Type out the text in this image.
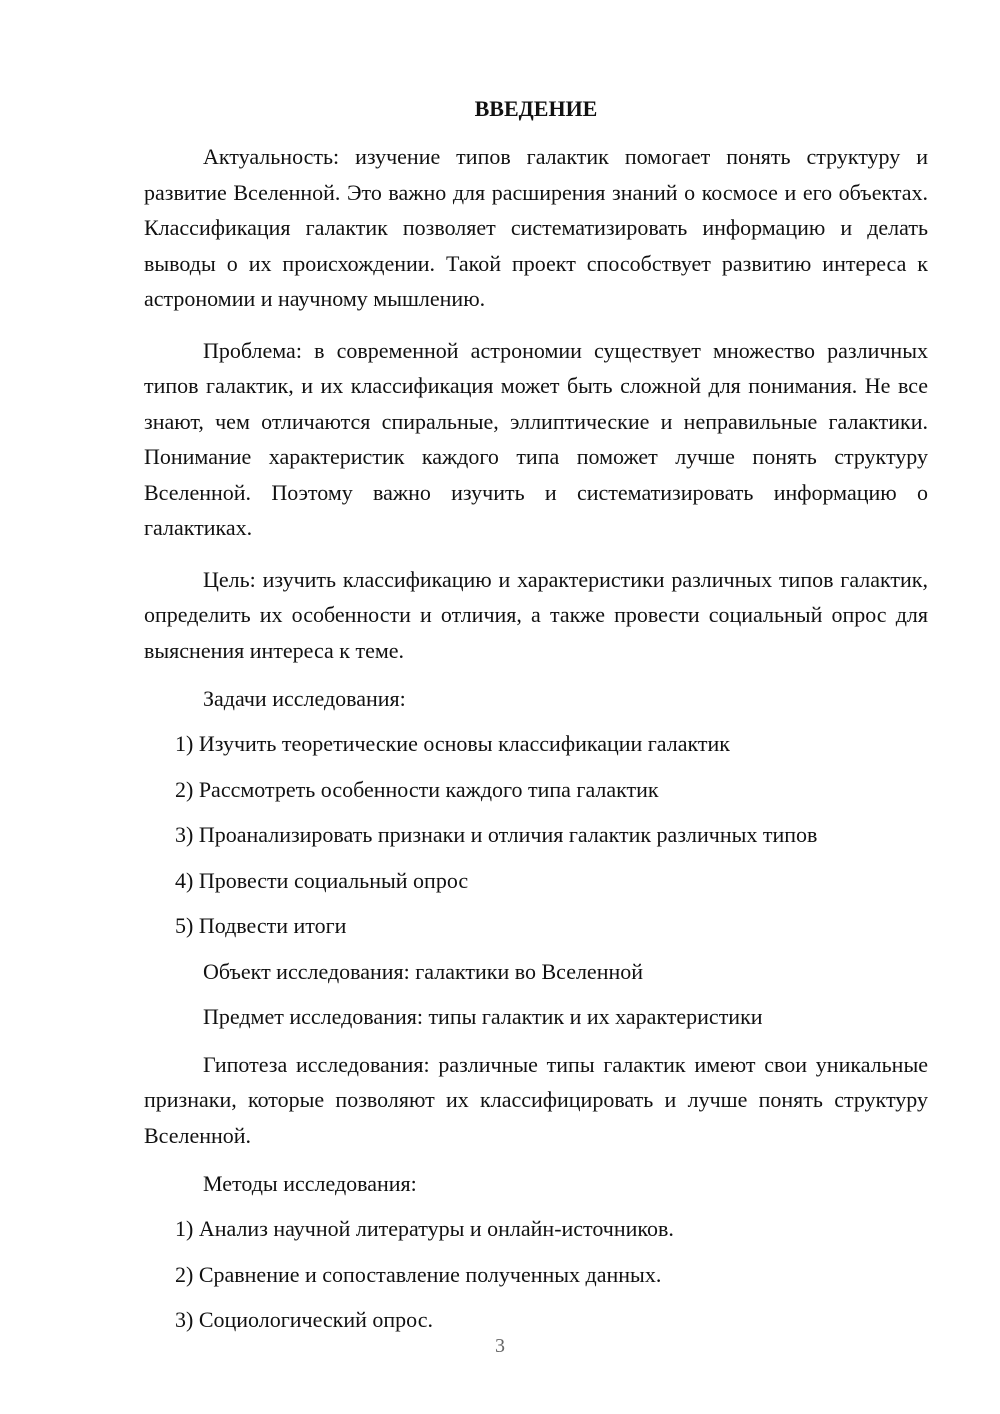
ВВЕДЕНИЕ

Актуальность: изучение типов галактик помогает понять структуру и развитие Вселенной. Это важно для расширения знаний о космосе и его объектах. Классификация галактик позволяет систематизировать информацию и делать выводы о их происхождении. Такой проект способствует развитию интереса к астрономии и научному мышлению.

Проблема: в современной астрономии существует множество различных типов галактик, и их классификация может быть сложной для понимания. Не все знают, чем отличаются спиральные, эллиптические и неправильные галактики. Понимание характеристик каждого типа поможет лучше понять структуру Вселенной. Поэтому важно изучить и систематизировать информацию о галактиках.

Цель: изучить классификацию и характеристики различных типов галактик, определить их особенности и отличия, а также провести социальный опрос для выяснения интереса к теме.

Задачи исследования:

1) Изучить теоретические основы классификации галактик

2) Рассмотреть особенности каждого типа галактик

3) Проанализировать признаки и отличия галактик различных типов

4) Провести социальный опрос

5) Подвести итоги

Объект исследования: галактики во Вселенной

Предмет исследования: типы галактик и их характеристики

Гипотеза исследования: различные типы галактик имеют свои уникальные признаки, которые позволяют их классифицировать и лучше понять структуру Вселенной.

Методы исследования:

1) Анализ научной литературы и онлайн-источников.

2) Сравнение и сопоставление полученных данных.

3) Социологический опрос.

3
